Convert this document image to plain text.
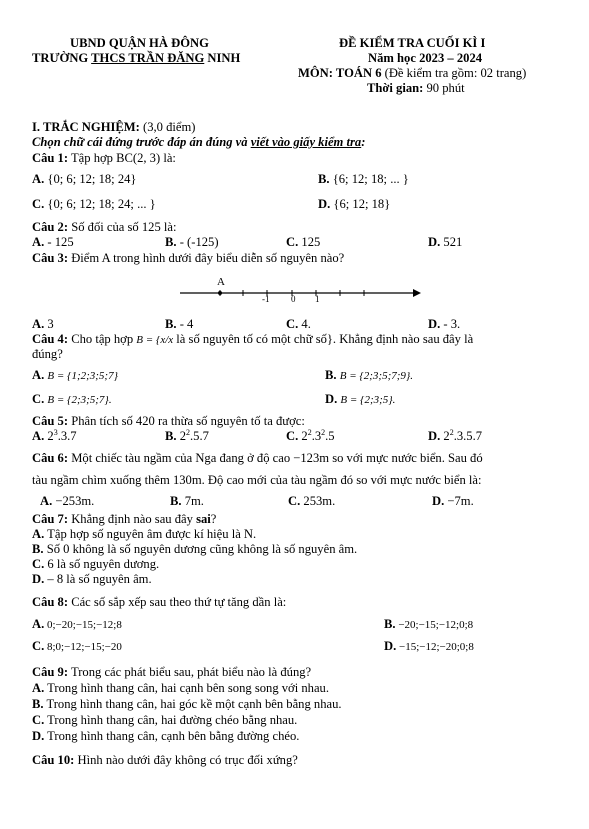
UBND QUẬN HÀ ĐÔNG
TRƯỜNG THCS TRẦN ĐĂNG NINH
ĐỀ KIỂM TRA CUỐI KÌ I
Năm học 2023 – 2024
MÔN: TOÁN 6 (Đề kiểm tra gồm: 02 trang)
Thời gian: 90 phút
I. TRẮC NGHIỆM: (3,0 điểm)
Chọn chữ cái đứng trước đáp án đúng và viết vào giấy kiểm tra:
Câu 1: Tập hợp BC(2, 3) là:
A. {0; 6; 12; 18; 24}	B. {6; 12; 18; ... }
C. {0; 6; 12; 18; 24; ... }	D. {6; 12; 18}
Câu 2: Số đối của số 125 là:
A. - 125	B. - (-125)	C. 125	D. 521
Câu 3: Điểm A trong hình dưới đây biểu diễn số nguyên nào?
A
-1 0 1
A. 3	B. - 4	C. 4.	D. - 3.
Câu 4: Cho tập hợp B = {x/x là số nguyên tố có một chữ số}. Khẳng định nào sau đây là
đúng?
A. B = {1;2;3;5;7}	B. B = {2;3;5;7;9}.
C. B = {2;3;5;7}.	D. B = {2;3;5}.
Câu 5: Phân tích số 420 ra thừa số nguyên tố ta được:
A. $2^3.3.7$	B. $2^2.5.7$	C. $2^2.3^2.5$	D. $2^2.3.5.7$
Câu 6: Một chiếc tàu ngầm của Nga đang ở độ cao −123m so với mực nước biển. Sau đó
tàu ngầm chìm xuống thêm 130m. Độ cao mới của tàu ngầm đó so với mực nước biển là:
A. −253m.	B. 7m.	C. 253m.	D. −7m.
Câu 7: Khẳng định nào sau đây sai?
A. Tập hợp số nguyên âm được kí hiệu là N.
B. Số 0 không là số nguyên dương cũng không là số nguyên âm.
C. 6 là số nguyên dương.
D. – 8 là số nguyên âm.
Câu 8: Các số sắp xếp sau theo thứ tự tăng dần là:
A. 0;−20;−15;−12;8	B. −20;−15;−12;0;8
C. 8;0;−12;−15;−20	D. −15;−12;−20;0;8
Câu 9: Trong các phát biểu sau, phát biểu nào là đúng?
A. Trong hình thang cân, hai cạnh bên song song với nhau.
B. Trong hình thang cân, hai góc kề một cạnh bên bằng nhau.
C. Trong hình thang cân, hai đường chéo bằng nhau.
D. Trong hình thang cân, cạnh bên bằng đường chéo.
Câu 10: Hình nào dưới đây không có trục đối xứng?
